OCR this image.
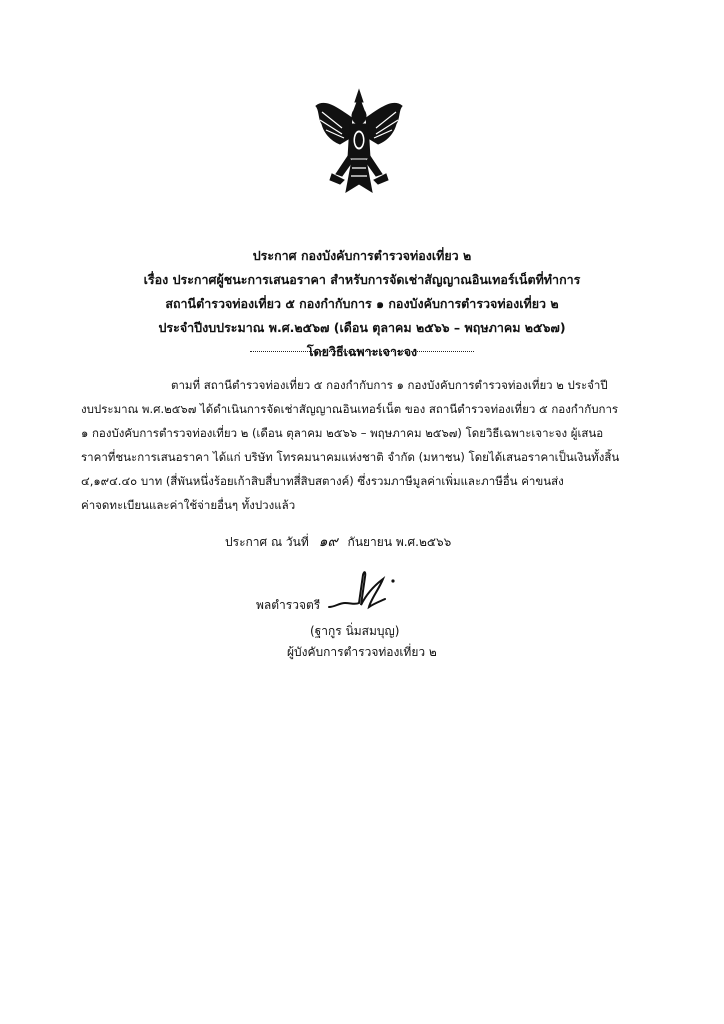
ประกาศ กองบังคับการตำรวจท่องเที่ยว ๒
เรื่อง ประกาศผู้ชนะการเสนอราคา สำหรับการจัดเช่าสัญญาณอินเทอร์เน็ตที่ทำการ
สถานีตำรวจท่องเที่ยว ๕ กองกำกับการ ๑ กองบังคับการตำรวจท่องเที่ยว ๒
ประจำปีงบประมาณ พ.ศ.๒๕๖๗ (เดือน ตุลาคม ๒๕๖๖ – พฤษภาคม ๒๕๖๗)
โดยวิธีเฉพาะเจาะจง
ตามที่ สถานีตำรวจท่องเที่ยว ๕ กองกำกับการ ๑ กองบังคับการตำรวจท่องเที่ยว ๒ ประจำปี
งบประมาณ พ.ศ.๒๕๖๗ ได้ดำเนินการจัดเช่าสัญญาณอินเทอร์เน็ต ของ สถานีตำรวจท่องเที่ยว ๕ กองกำกับการ
๑ กองบังคับการตำรวจท่องเที่ยว ๒ (เดือน ตุลาคม ๒๕๖๖ – พฤษภาคม ๒๕๖๗) โดยวิธีเฉพาะเจาะจง ผู้เสนอ
ราคาที่ชนะการเสนอราคา ได้แก่ บริษัท โทรคมนาคมแห่งชาติ จำกัด (มหาชน) โดยได้เสนอราคาเป็นเงินทั้งสิ้น
๔,๑๙๔.๔๐ บาท (สี่พันหนึ่งร้อยเก้าสิบสี่บาทสี่สิบสตางค์) ซึ่งรวมภาษีมูลค่าเพิ่มและภาษีอื่น ค่าขนส่ง
ค่าจดทะเบียนและค่าใช้จ่ายอื่นๆ ทั้งปวงแล้ว
ประกาศ ณ วันที่ ๑๙ กันยายน พ.ศ.๒๕๖๖
พลตำรวจตรี
(ฐากูร นิ่มสมบุญ)
ผู้บังคับการตำรวจท่องเที่ยว ๒
